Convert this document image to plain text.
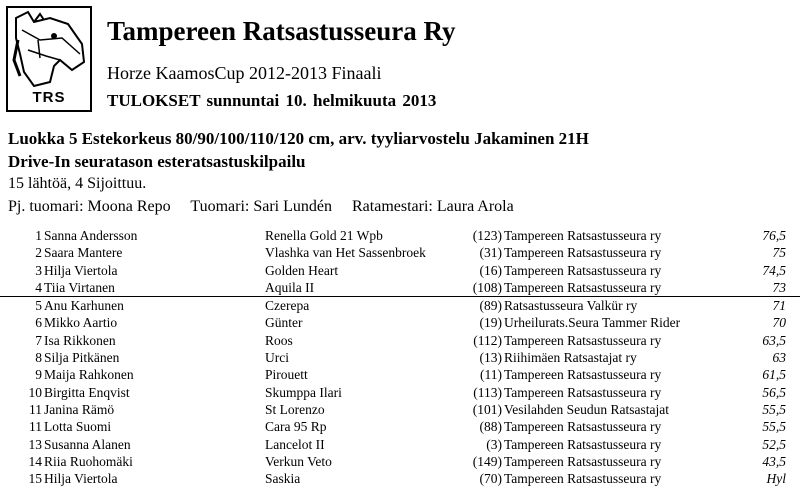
TRS
Tampereen Ratsastusseura Ry
Horze KaamosCup 2012-2013 Finaali
TULOKSET sunnuntai 10. helmikuuta 2013
Luokka 5 Estekorkeus 80/90/100/110/120 cm, arv. tyyliarvostelu Jakaminen 21H
Drive-In seuratason esteratsastuskilpailu
15 lähtöä, 4 Sijoittuu.
Pj. tuomari: Moona Repo Tuomari: Sari Lundén Ratamestari: Laura Arola
1 Sanna Andersson	Renella Gold 21 Wpb	(123) Tampereen Ratsastusseura ry	76,5
2 Saara Mantere	Vlashka van Het Sassenbroek	(31) Tampereen Ratsastusseura ry	75
3 Hilja Viertola	Golden Heart	(16) Tampereen Ratsastusseura ry	74,5
4 Tiia Virtanen	Aquila II	(108) Tampereen Ratsastusseura ry	73
5 Anu Karhunen	Czerepa	(89) Ratsastusseura Valkür ry	71
6 Mikko Aartio	Günter	(19) Urheilurats.Seura Tammer Rider	70
7 Isa Rikkonen	Roos	(112) Tampereen Ratsastusseura ry	63,5
8 Silja Pitkänen	Urci	(13) Riihimäen Ratsastajat ry	63
9 Maija Rahkonen	Pirouett	(11) Tampereen Ratsastusseura ry	61,5
10 Birgitta Enqvist	Skumppa Ilari	(113) Tampereen Ratsastusseura ry	56,5
11 Janina Rämö	St Lorenzo	(101) Vesilahden Seudun Ratsastajat	55,5
11 Lotta Suomi	Cara 95 Rp	(88) Tampereen Ratsastusseura ry	55,5
13 Susanna Alanen	Lancelot II	(3) Tampereen Ratsastusseura ry	52,5
14 Riia Ruohomäki	Verkun Veto	(149) Tampereen Ratsastusseura ry	43,5
15 Hilja Viertola	Saskia	(70) Tampereen Ratsastusseura ry	Hyl
